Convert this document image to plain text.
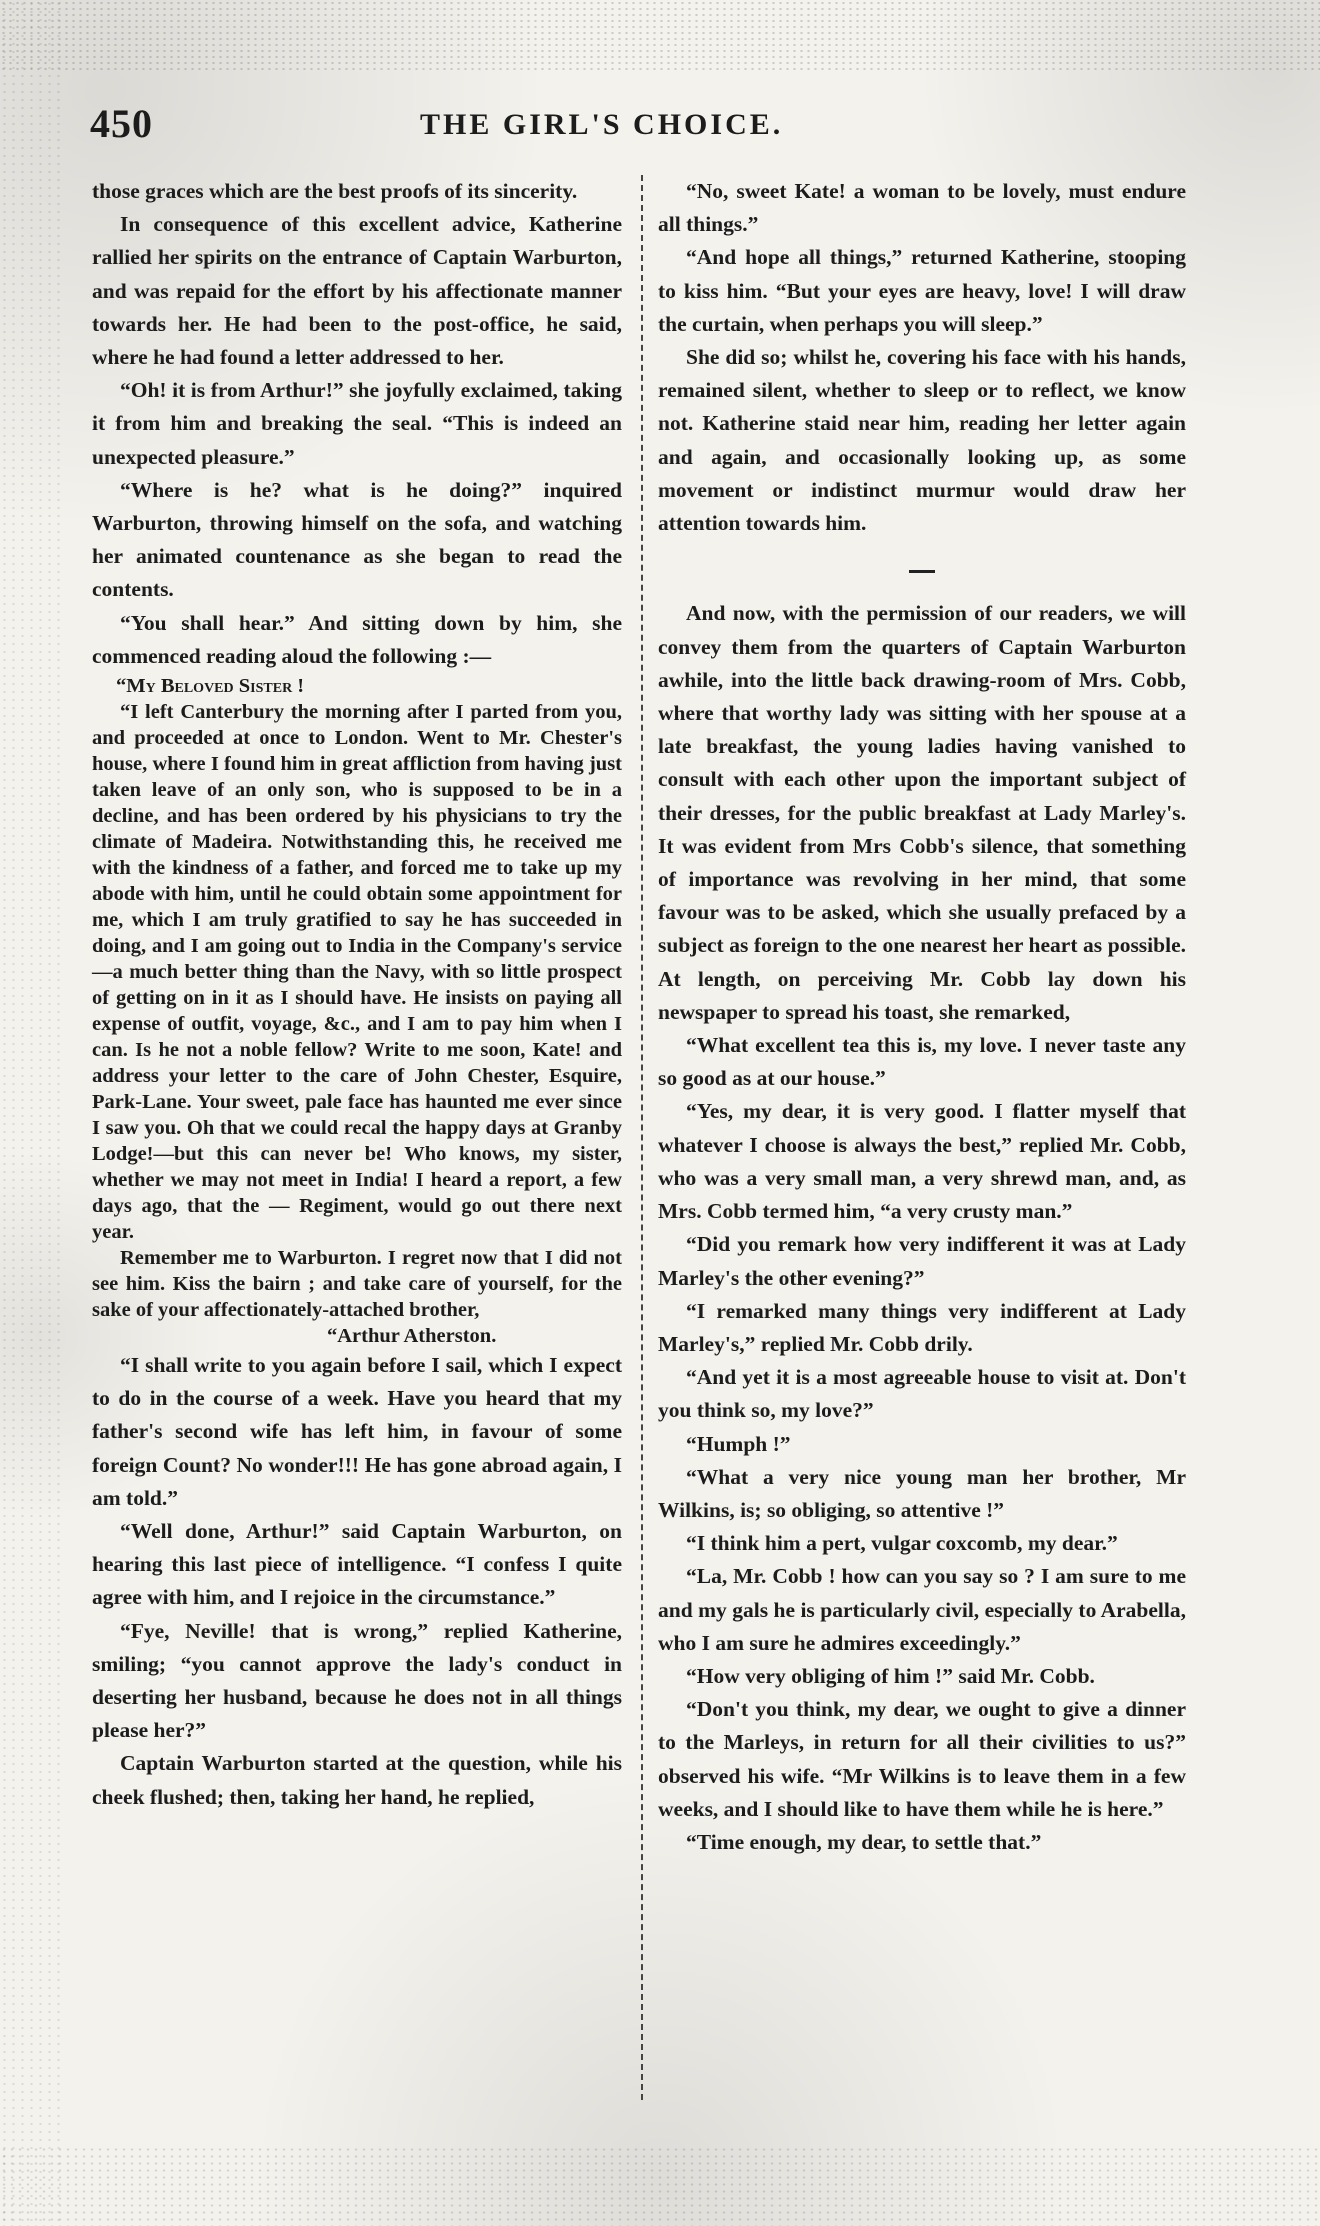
450	THE GIRL'S CHOICE.

those graces which are the best proofs of its sincerity.

In consequence of this excellent advice, Katherine rallied her spirits on the entrance of Captain Warburton, and was repaid for the effort by his affectionate manner towards her. He had been to the post-office, he said, where he had found a letter addressed to her.

“Oh! it is from Arthur!” she joyfully exclaimed, taking it from him and breaking the seal. “This is indeed an unexpected pleasure.”

“Where is he? what is he doing?” inquired Warburton, throwing himself on the sofa, and watching her animated countenance as she began to read the contents.

“You shall hear.” And sitting down by him, she commenced reading aloud the following :—

“My Beloved Sister !

“I left Canterbury the morning after I parted from you, and proceeded at once to London. Went to Mr. Chester's house, where I found him in great affliction from having just taken leave of an only son, who is supposed to be in a decline, and has been ordered by his physicians to try the climate of Madeira. Notwithstanding this, he received me with the kindness of a father, and forced me to take up my abode with him, until he could obtain some appointment for me, which I am truly gratified to say he has succeeded in doing, and I am going out to India in the Company's service—a much better thing than the Navy, with so little prospect of getting on in it as I should have. He insists on paying all expense of outfit, voyage, &c., and I am to pay him when I can. Is he not a noble fellow? Write to me soon, Kate! and address your letter to the care of John Chester, Esquire, Park-Lane. Your sweet, pale face has haunted me ever since I saw you. Oh that we could recal the happy days at Granby Lodge!—but this can never be! Who knows, my sister, whether we may not meet in India! I heard a report, a few days ago, that the — Regiment, would go out there next year.

Remember me to Warburton. I regret now that I did not see him. Kiss the bairn ; and take care of yourself, for the sake of your affectionately-attached brother,

“Arthur Atherston.

“I shall write to you again before I sail, which I expect to do in the course of a week. Have you heard that my father's second wife has left him, in favour of some foreign Count? No wonder!!! He has gone abroad again, I am told.”

“Well done, Arthur!” said Captain Warburton, on hearing this last piece of intelligence. “I confess I quite agree with him, and I rejoice in the circumstance.”

“Fye, Neville! that is wrong,” replied Katherine, smiling; “you cannot approve the lady's conduct in deserting her husband, because he does not in all things please her?”

Captain Warburton started at the question, while his cheek flushed; then, taking her hand, he replied,

“No, sweet Kate! a woman to be lovely, must endure all things.”

“And hope all things,” returned Katherine, stooping to kiss him. “But your eyes are heavy, love! I will draw the curtain, when perhaps you will sleep.”

She did so; whilst he, covering his face with his hands, remained silent, whether to sleep or to reflect, we know not. Katherine staid near him, reading her letter again and again, and occasionally looking up, as some movement or indistinct murmur would draw her attention towards him.

And now, with the permission of our readers, we will convey them from the quarters of Captain Warburton awhile, into the little back drawing-room of Mrs. Cobb, where that worthy lady was sitting with her spouse at a late breakfast, the young ladies having vanished to consult with each other upon the important subject of their dresses, for the public breakfast at Lady Marley's. It was evident from Mrs Cobb's silence, that something of importance was revolving in her mind, that some favour was to be asked, which she usually prefaced by a subject as foreign to the one nearest her heart as possible. At length, on perceiving Mr. Cobb lay down his newspaper to spread his toast, she remarked,

“What excellent tea this is, my love. I never taste any so good as at our house.”

“Yes, my dear, it is very good. I flatter myself that whatever I choose is always the best,” replied Mr. Cobb, who was a very small man, a very shrewd man, and, as Mrs. Cobb termed him, “a very crusty man.”

“Did you remark how very indifferent it was at Lady Marley's the other evening?”

“I remarked many things very indifferent at Lady Marley's,” replied Mr. Cobb drily.

“And yet it is a most agreeable house to visit at. Don't you think so, my love?”

“Humph !”

“What a very nice young man her brother, Mr Wilkins, is; so obliging, so attentive !”

“I think him a pert, vulgar coxcomb, my dear.”

“La, Mr. Cobb ! how can you say so ? I am sure to me and my gals he is particularly civil, especially to Arabella, who I am sure he admires exceedingly.”

“How very obliging of him !” said Mr. Cobb.

“Don't you think, my dear, we ought to give a dinner to the Marleys, in return for all their civilities to us?” observed his wife. “Mr Wilkins is to leave them in a few weeks, and I should like to have them while he is here.”

“Time enough, my dear, to settle that.”
